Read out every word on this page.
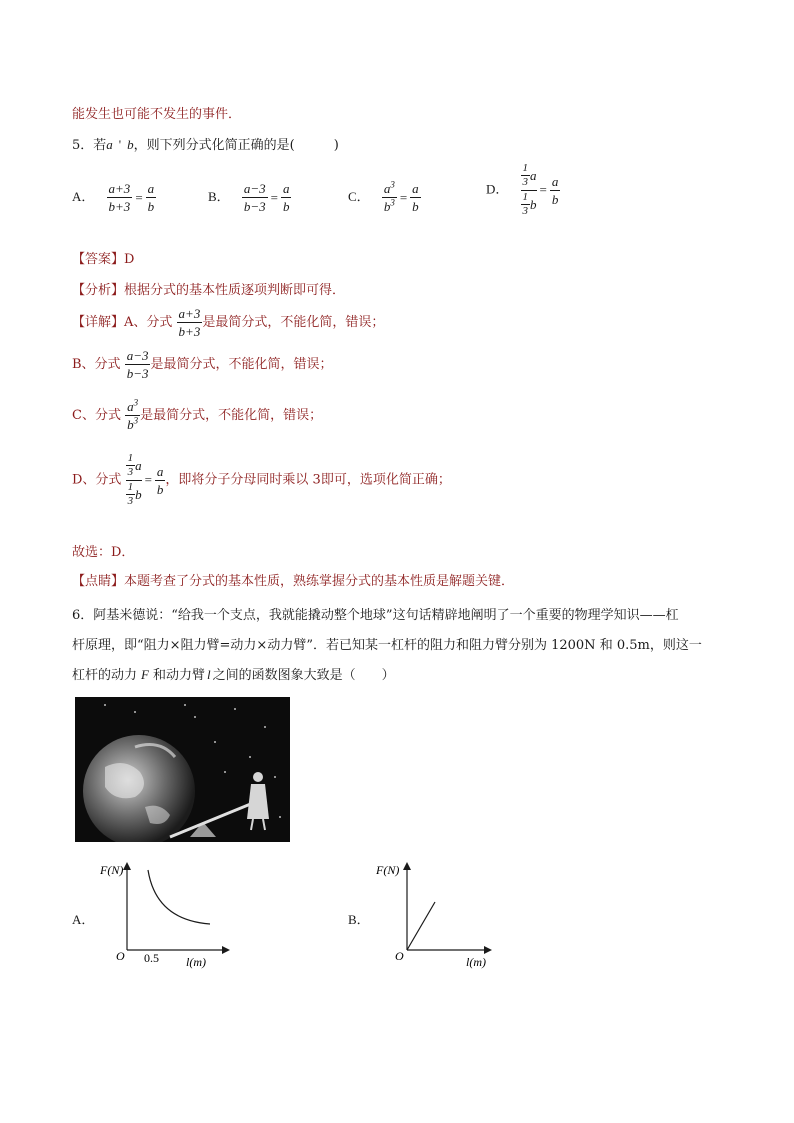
能发生也可能不发生的事件．
5．若a ' b，则下列分式化简正确的是(　　　)
A． $\frac{a+3}{b+3} = \frac{a}{b}$	B． $\frac{a-3}{b-3} = \frac{a}{b}$	C． $\frac{a^3}{b^3} = \frac{a}{b}$	D． $\frac{\frac{1}{3} a}{\frac{1}{3} b} = \frac{a}{b}$
【答案】D
【分析】根据分式的基本性质逐项判断即可得．
【详解】A、分式 $\frac{a+3}{b+3}$ 是最简分式，不能化简，错误；
B、分式 $\frac{a-3}{b-3}$ 是最简分式，不能化简，错误；
C、分式 $\frac{a^3}{b^3}$ 是最简分式，不能化简，错误；
D、分式 $\frac{\frac{1}{3} a}{\frac{1}{3} b} = \frac{a}{b}$ ，即将分子分母同时乘以 3即可，选项化简正确；
故选：D．
【点睛】本题考查了分式的基本性质，熟练掌握分式的基本性质是解题关键．
6．阿基米德说：“给我一个支点，我就能撬动整个地球”这句话精辟地阐明了一个重要的物理学知识——杠
杆原理，即“阻力×阻力臂=动力×动力臂”．若已知某一杠杆的阻力和阻力臂分别为 1200N 和 0.5m，则这一
杠杆的动力 F 和动力臂 l 之间的函数图象大致是（　　）
A．
O 0.5
F(N)
l(m)
B．
O
F(N)
l(m)
